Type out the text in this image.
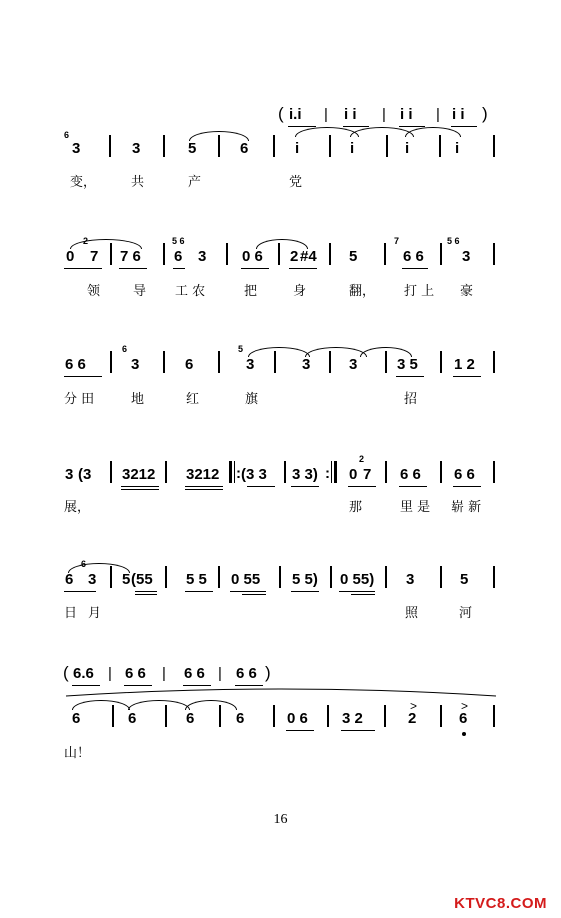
( i.i | i i | i i | i i )
6
3	3	5	6	i	i	i	i
变，	共	产	党
0
2
7 7 6
5 6
6 3 0 6 2 #4 5
7
6 6
5 6
3
领	导 工 农	把	身	翻， 打 上 豪
6 6
6
3	6
5
3	3	3	3 5 1 2
分 田	地	红	旗	招
3 (3 3212 3212 : (3 3 3 3) : 0
2
7 6 6 6 6
展，	那	里 是 崭 新
6
6
3 5 (55 5 5 0 55 5 5) 0 55) 3	5
日 月	照	河
( 6.6 | 6 6 | 6 6 | 6 6 )
6	6	6	6	0 6 3 2
>
2
>
6
山！
16
KTVC8.COM
